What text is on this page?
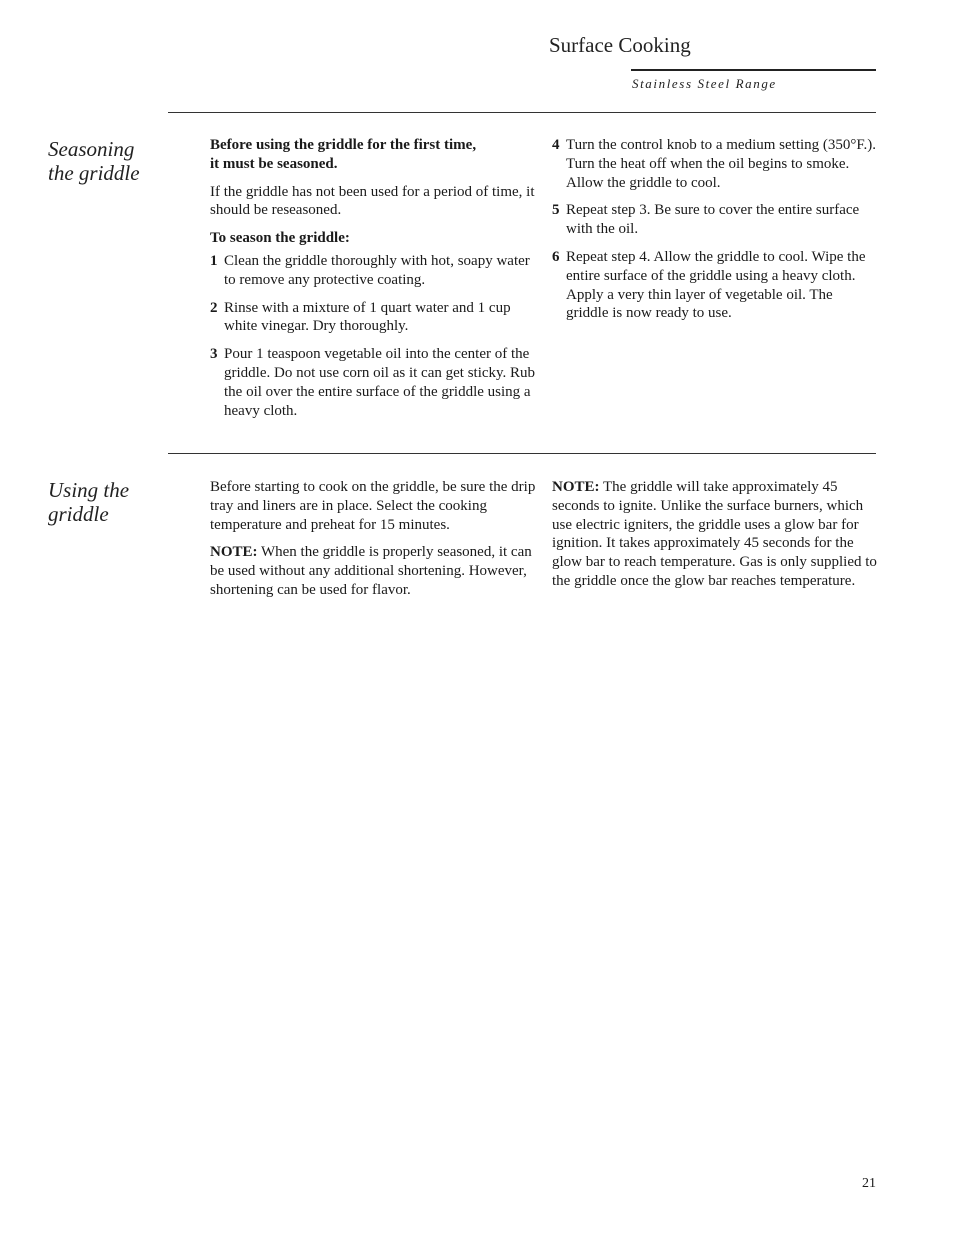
Surface Cooking
Stainless Steel Range
Seasoning
the griddle

Before using the griddle for the first time,
it must be seasoned.

If the griddle has not been used for a period of time, it should be reseasoned.

To season the griddle:

1 Clean the griddle thoroughly with hot, soapy water to remove any protective coating.
2 Rinse with a mixture of 1 quart water and 1 cup white vinegar. Dry thoroughly.
3 Pour 1 teaspoon vegetable oil into the center of the griddle. Do not use corn oil as it can get sticky. Rub the oil over the entire surface of the griddle using a heavy cloth.
4 Turn the control knob to a medium setting (350°F.). Turn the heat off when the oil begins to smoke. Allow the griddle to cool.
5 Repeat step 3. Be sure to cover the entire surface with the oil.
6 Repeat step 4. Allow the griddle to cool. Wipe the entire surface of the griddle using a heavy cloth. Apply a very thin layer of vegetable oil. The griddle is now ready to use.
Using the
griddle

Before starting to cook on the griddle, be sure the drip tray and liners are in place. Select the cooking temperature and preheat for 15 minutes.

NOTE: When the griddle is properly seasoned, it can be used without any additional shortening. However, shortening can be used for flavor.

NOTE: The griddle will take approximately 45 seconds to ignite. Unlike the surface burners, which use electric igniters, the griddle uses a glow bar for ignition. It takes approximately 45 seconds for the glow bar to reach temperature. Gas is only supplied to the griddle once the glow bar reaches temperature.

21
